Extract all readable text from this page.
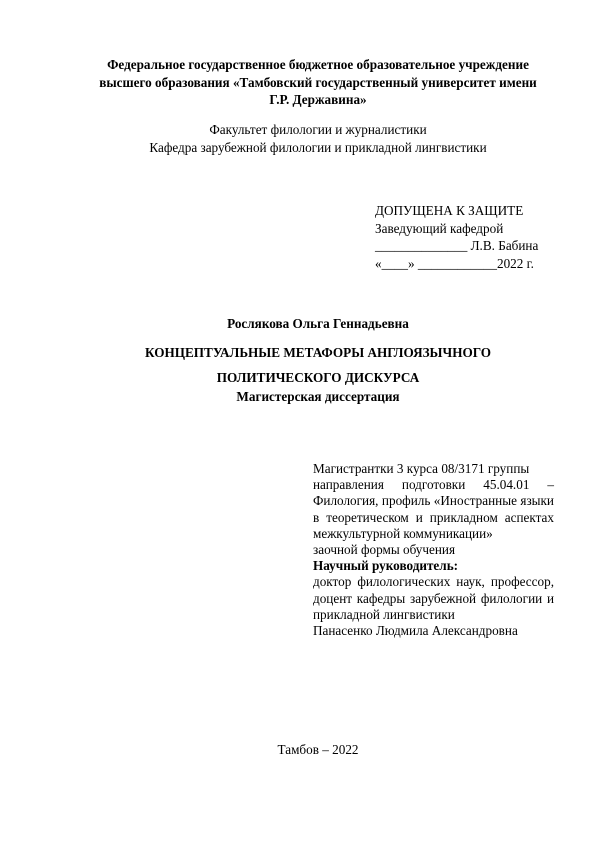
Федеральное государственное бюджетное образовательное учреждение
высшего образования «Тамбовский государственный университет имени
Г.Р. Державина»
Факультет филологии и журналистики
Кафедра зарубежной филологии и прикладной лингвистики
ДОПУЩЕНА К ЗАЩИТЕ
Заведующий кафедрой
______________ Л.В. Бабина
«____» ____________2022 г.
Рослякова Ольга Геннадьевна
КОНЦЕПТУАЛЬНЫЕ МЕТАФОРЫ АНГЛОЯЗЫЧНОГО
ПОЛИТИЧЕСКОГО ДИСКУРСА
Магистерская диссертация
Магистрантки 3 курса 08/3171 группы
направления подготовки 45.04.01 – Филология, профиль «Иностранные языки в теоретическом и прикладном аспектах межкультурной коммуникации»
заочной формы обучения
Научный руководитель:
доктор филологических наук, профессор, доцент кафедры зарубежной филологии и прикладной лингвистики
Панасенко Людмила Александровна
Тамбов – 2022
